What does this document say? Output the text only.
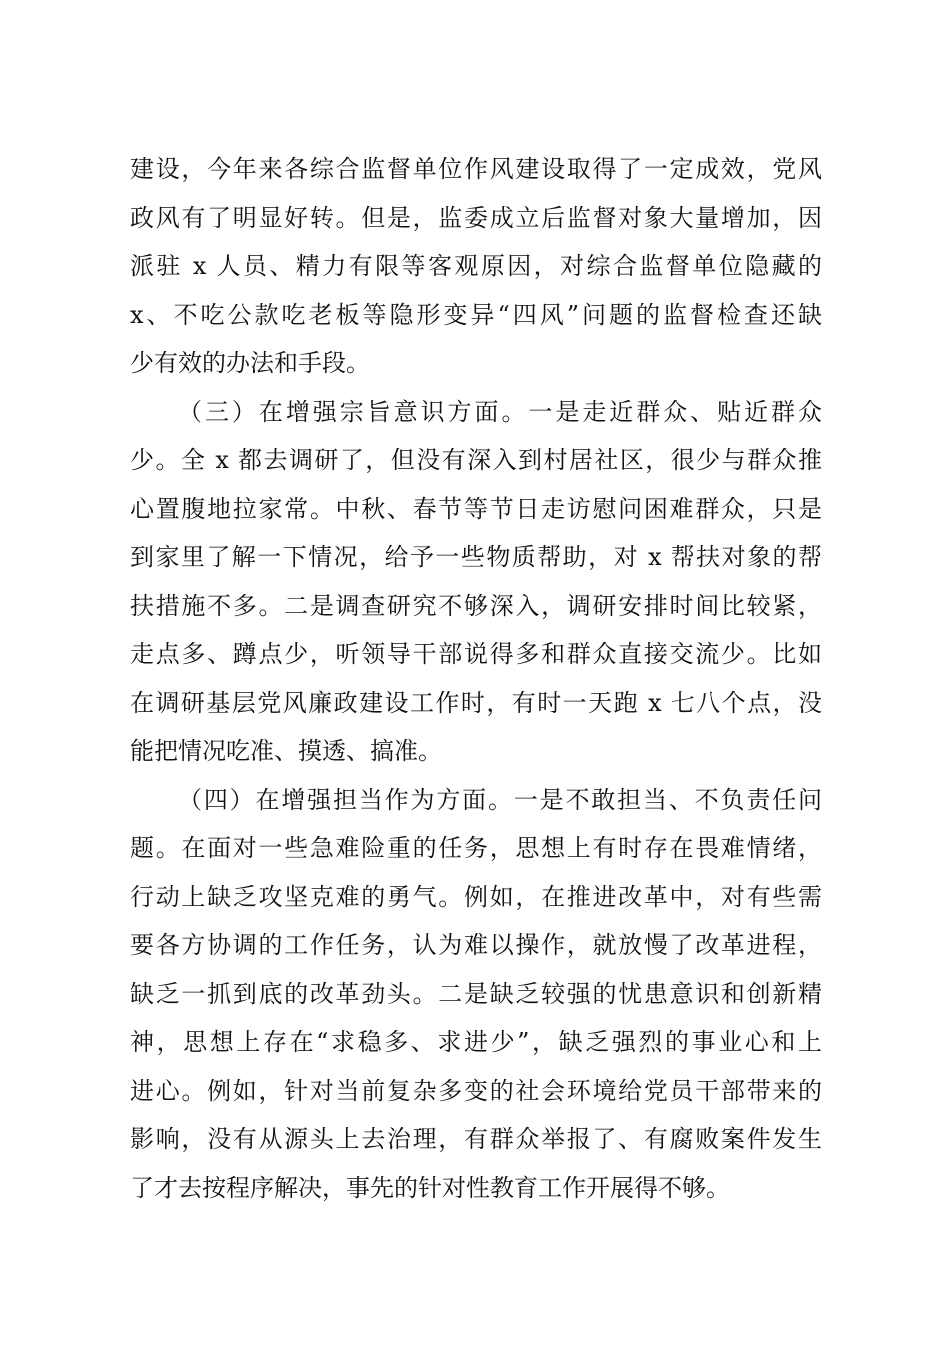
建设，今年来各综合监督单位作风建设取得了一定成效，党风
政风有了明显好转。但是，监委成立后监督对象大量增加，因
派驻 x 人员、精力有限等客观原因，对综合监督单位隐藏的
x、不吃公款吃老板等隐形变异“四风”问题的监督检查还缺
少有效的办法和手段。
（三）在增强宗旨意识方面。一是走近群众、贴近群众
少。全 x 都去调研了，但没有深入到村居社区，很少与群众推
心置腹地拉家常。中秋、春节等节日走访慰问困难群众，只是
到家里了解一下情况，给予一些物质帮助，对 x 帮扶对象的帮
扶措施不多。二是调查研究不够深入，调研安排时间比较紧，
走点多、蹲点少，听领导干部说得多和群众直接交流少。比如
在调研基层党风廉政建设工作时，有时一天跑 x 七八个点，没
能把情况吃准、摸透、搞准。
（四）在增强担当作为方面。一是不敢担当、不负责任问
题。在面对一些急难险重的任务，思想上有时存在畏难情绪，
行动上缺乏攻坚克难的勇气。例如，在推进改革中，对有些需
要各方协调的工作任务，认为难以操作，就放慢了改革进程，
缺乏一抓到底的改革劲头。二是缺乏较强的忧患意识和创新精
神，思想上存在“求稳多、求进少”，缺乏强烈的事业心和上
进心。例如，针对当前复杂多变的社会环境给党员干部带来的
影响，没有从源头上去治理，有群众举报了、有腐败案件发生
了才去按程序解决，事先的针对性教育工作开展得不够。
